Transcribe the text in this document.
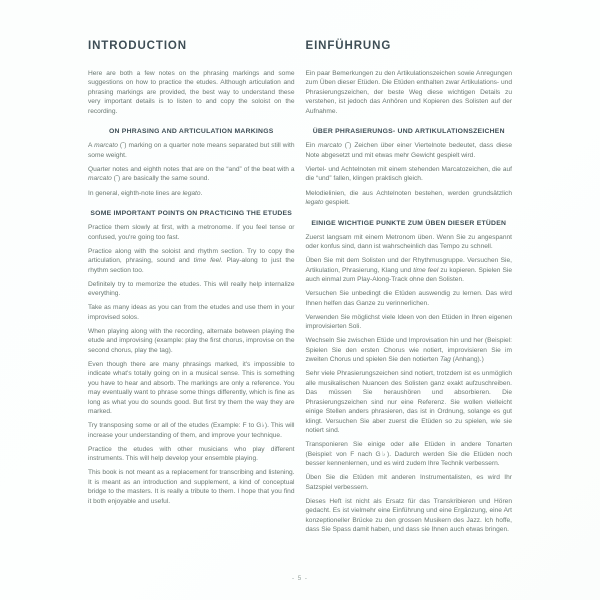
INTRODUCTION

Here are both a few notes on the phrasing markings and some suggestions on how to practice the etudes. Although articulation and phrasing markings are provided, the best way to understand these very important details is to listen to and copy the soloist on the recording.

ON PHRASING AND ARTICULATION MARKINGS

A marcato (ˆ) marking on a quarter note means separated but still with some weight.

Quarter notes and eighth notes that are on the “and” of the beat with a marcato (ˆ) are basically the same sound.

In general, eighth-note lines are legato.

SOME IMPORTANT POINTS ON PRACTICING THE ETUDES

Practice them slowly at first, with a metronome. If you feel tense or confused, you're going too fast.

Practice along with the soloist and rhythm section. Try to copy the articulation, phrasing, sound and time feel. Play-along to just the rhythm section too.

Definitely try to memorize the etudes. This will really help internalize everything.

Take as many ideas as you can from the etudes and use them in your improvised solos.

When playing along with the recording, alternate between playing the etude and improvising (example: play the first chorus, improvise on the second chorus, play the tag).

Even though there are many phrasings marked, it's impossible to indicate what's totally going on in a musical sense. This is something you have to hear and absorb. The markings are only a reference. You may eventually want to phrase some things differently, which is fine as long as what you do sounds good. But first try them the way they are marked.

Try transposing some or all of the etudes (Example: F to G♭). This will increase your understanding of them, and improve your technique.

Practice the etudes with other musicians who play different instruments. This will help develop your ensemble playing.

This book is not meant as a replacement for transcribing and listening. It is meant as an introduction and supplement, a kind of conceptual bridge to the masters. It is really a tribute to them. I hope that you find it both enjoyable and useful.

EINFÜHRUNG

Ein paar Bemerkungen zu den Artikulationszeichen sowie Anregungen zum Üben dieser Etüden. Die Etüden enthalten zwar Artikulations- und Phrasierungszeichen, der beste Weg diese wichtigen Details zu verstehen, ist jedoch das Anhören und Kopieren des Solisten auf der Aufnahme.

ÜBER PHRASIERUNGS- UND ARTIKULATIONSZEICHEN

Ein marcato (ˆ) Zeichen über einer Viertelnote bedeutet, dass diese Note abgesetzt und mit etwas mehr Gewicht gespielt wird.

Viertel- und Achtelnoten mit einem stehenden Marcatozeichen, die auf die “und” fallen, klingen praktisch gleich.

Melodielinien, die aus Achtelnoten bestehen, werden grundsätzlich legato gespielt.

EINIGE WICHTIGE PUNKTE ZUM ÜBEN DIESER ETÜDEN

Zuerst langsam mit einem Metronom üben. Wenn Sie zu angespannt oder konfus sind, dann ist wahrscheinlich das Tempo zu schnell.

Üben Sie mit dem Solisten und der Rhythmusgruppe. Versuchen Sie, Artikulation, Phrasierung, Klang und time feel zu kopieren. Spielen Sie auch einmal zum Play-Along-Track ohne den Solisten.

Versuchen Sie unbedingt die Etüden auswendig zu lernen. Das wird Ihnen helfen das Ganze zu verinnerlichen.

Verwenden Sie möglichst viele Ideen von den Etüden in Ihren eigenen improvisierten Soli.

Wechseln Sie zwischen Etüde und Improvisation hin und her (Beispiel: Spielen Sie den ersten Chorus wie notiert, improvisieren Sie im zweiten Chorus und spielen Sie den notierten Tag (Anhang).)

Sehr viele Phrasierungszeichen sind notiert, trotzdem ist es unmöglich alle musikalischen Nuancen des Solisten ganz exakt aufzuschreiben. Das müssen Sie heraushören und absorbieren. Die Phrasierungszeichen sind nur eine Referenz. Sie wollen vielleicht einige Stellen anders phrasieren, das ist in Ordnung, solange es gut klingt. Versuchen Sie aber zuerst die Etüden so zu spielen, wie sie notiert sind.

Transponieren Sie einige oder alle Etüden in andere Tonarten (Beispiel: von F nach G♭). Dadurch werden Sie die Etüden noch besser kennenlernen, und es wird zudem Ihre Technik verbessern.

Üben Sie die Etüden mit anderen Instrumentalisten, es wird Ihr Satzspiel verbessern.

Dieses Heft ist nicht als Ersatz für das Transkribieren und Hören gedacht. Es ist vielmehr eine Einführung und eine Ergänzung, eine Art konzeptioneller Brücke zu den grossen Musikern des Jazz. Ich hoffe, dass Sie Spass damit haben, und dass sie Ihnen auch etwas bringen.

- 5 -
